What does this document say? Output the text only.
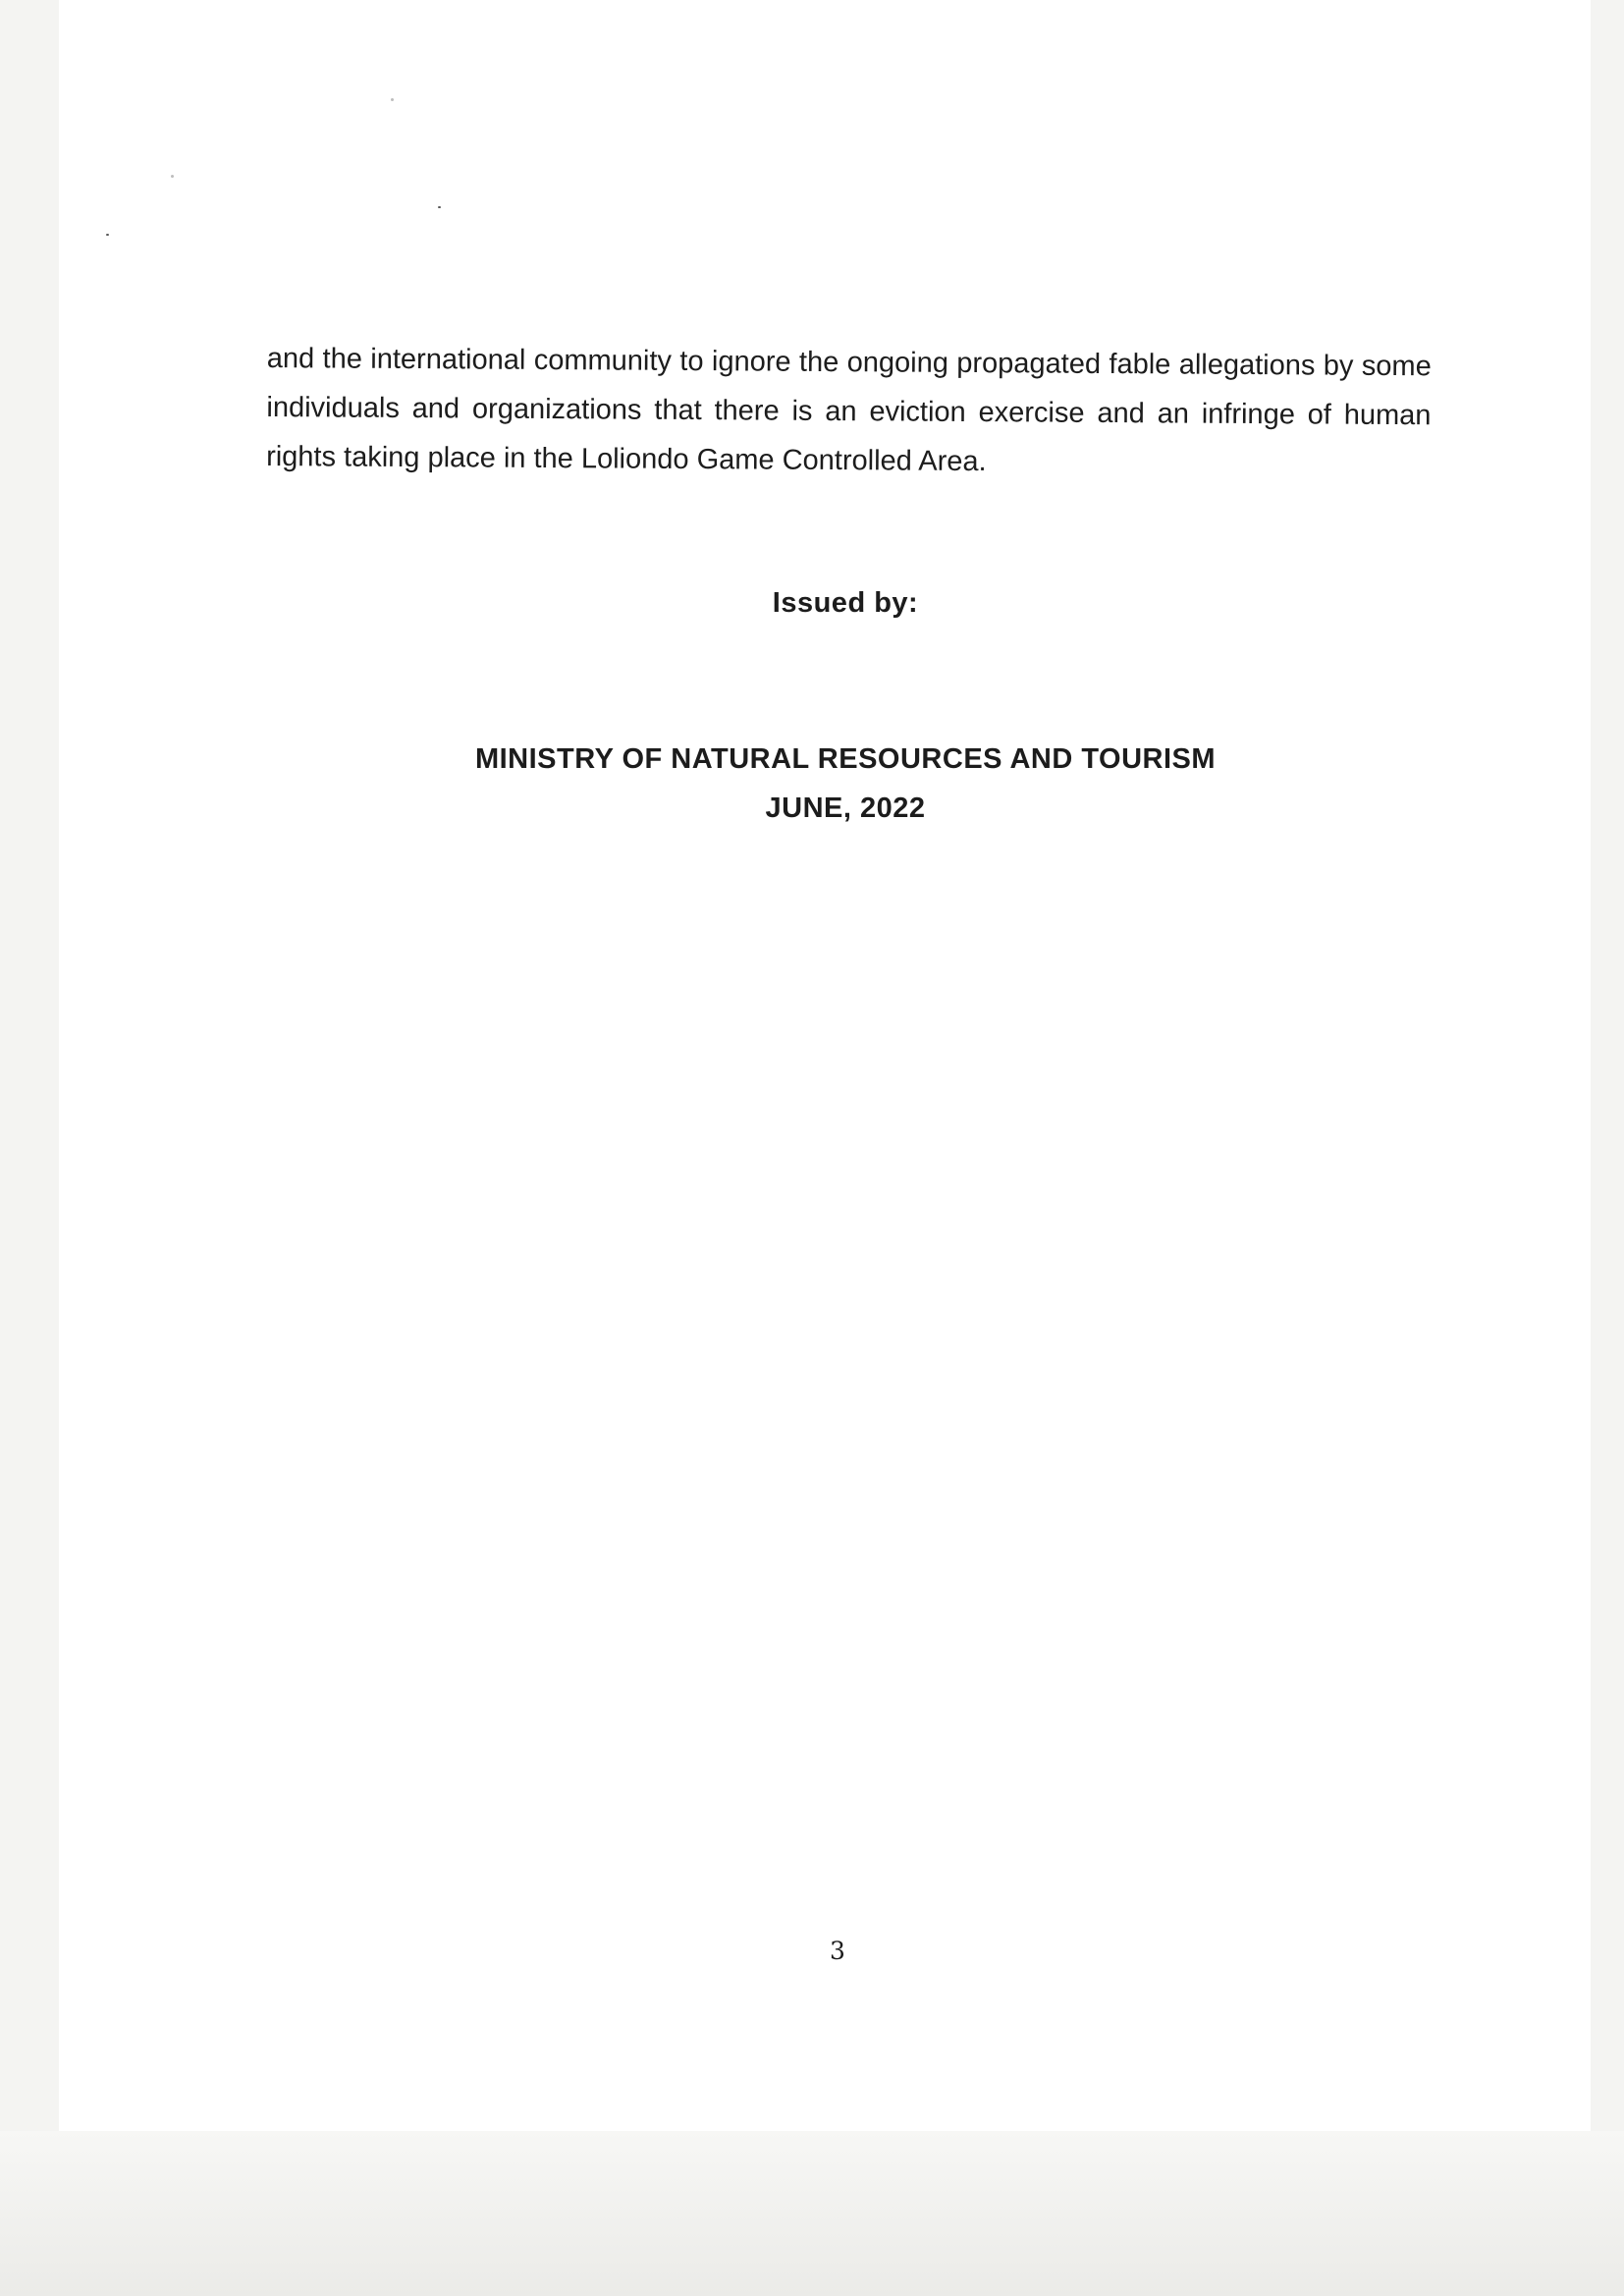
and the international community to ignore the ongoing propagated fable allegations by some individuals and organizations that there is an eviction exercise and an infringe of human rights taking place in the Loliondo Game Controlled Area.
Issued by:
MINISTRY OF NATURAL RESOURCES AND TOURISM
JUNE, 2022
3
